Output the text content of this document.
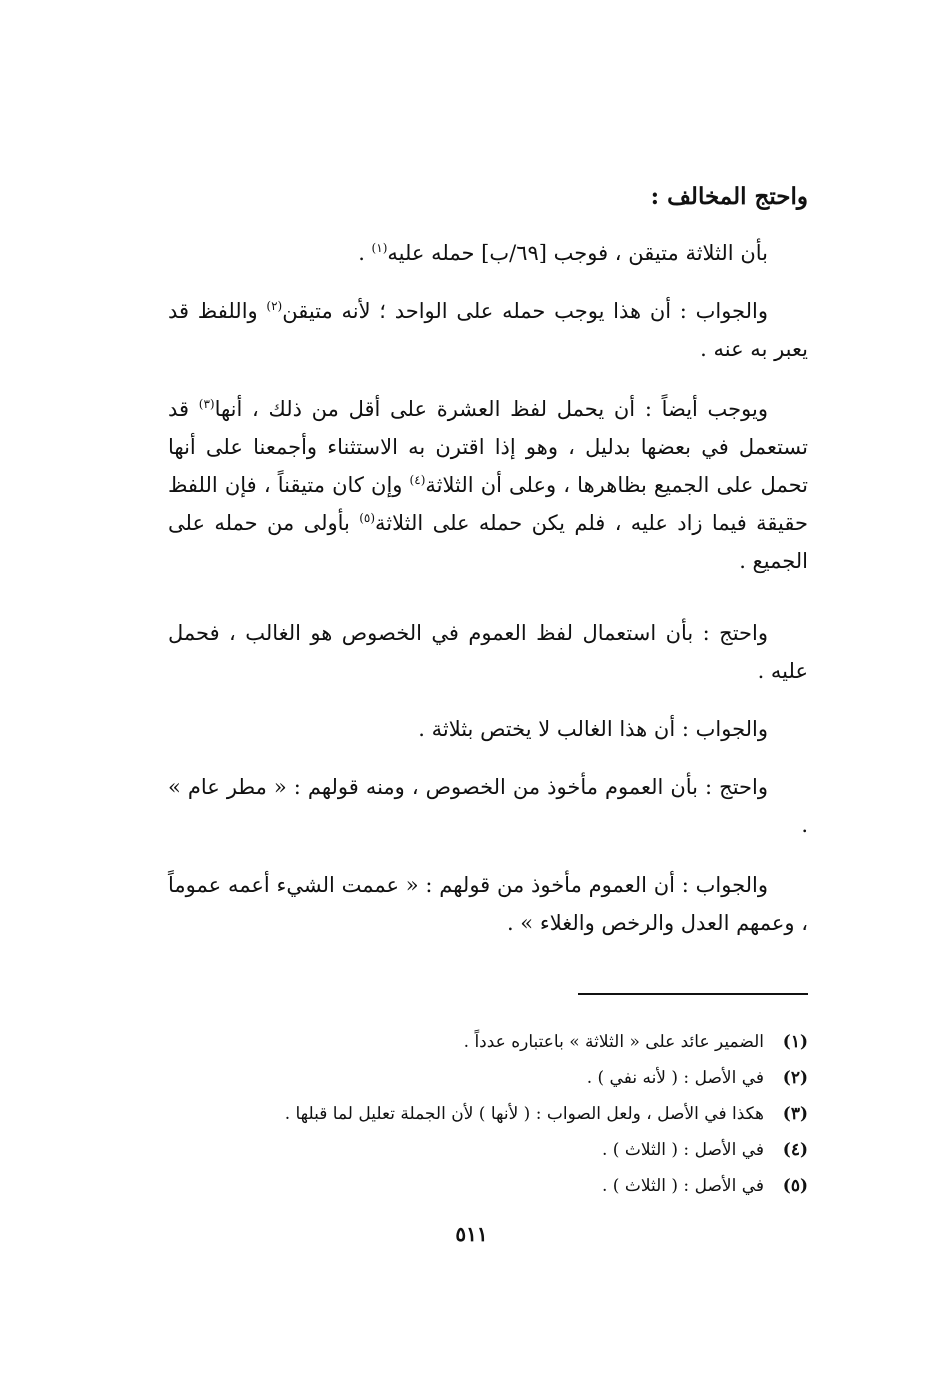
واحتج المخالف :

بأن الثلاثة متيقن ، فوجب [٦٩/ب] حمله عليه$^{(١)}$ .

والجواب : أن هذا يوجب حمله على الواحد ؛ لأنه متيقن$^{(٢)}$ واللفظ قد يعبر به عنه .

ويوجب أيضاً : أن يحمل لفظ العشرة على أقل من ذلك ، أنها$^{(٣)}$ قد تستعمل في بعضها بدليل ، وهو إذا اقترن به الاستثناء وأجمعنا على أنها تحمل على الجميع بظاهرها ، وعلى أن الثلاثة$^{(٤)}$ وإن كان متيقناً ، فإن اللفظ حقيقة فيما زاد عليه ، فلم يكن حمله على الثلاثة$^{(٥)}$ بأولى من حمله على الجميع .

واحتج : بأن استعمال لفظ العموم في الخصوص هو الغالب ، فحمل عليه .

والجواب : أن هذا الغالب لا يختص بثلاثة .

واحتج : بأن العموم مأخوذ من الخصوص ، ومنه قولهم : « مطر عام » .

والجواب : أن العموم مأخوذ من قولهم : « عممت الشيء أعمه عموماً ، وعمهم العدل والرخص والغلاء » .

(١)الضمير عائد على « الثلاثة » باعتباره عدداً .
(٢)في الأصل : ( لأنه نفي ) .
(٣)هكذا في الأصل ، ولعل الصواب : ( لأنها ) لأن الجملة تعليل لما قبلها .
(٤)في الأصل : ( الثلاث ) .
(٥)في الأصل : ( الثلاث ) .
٥١١
